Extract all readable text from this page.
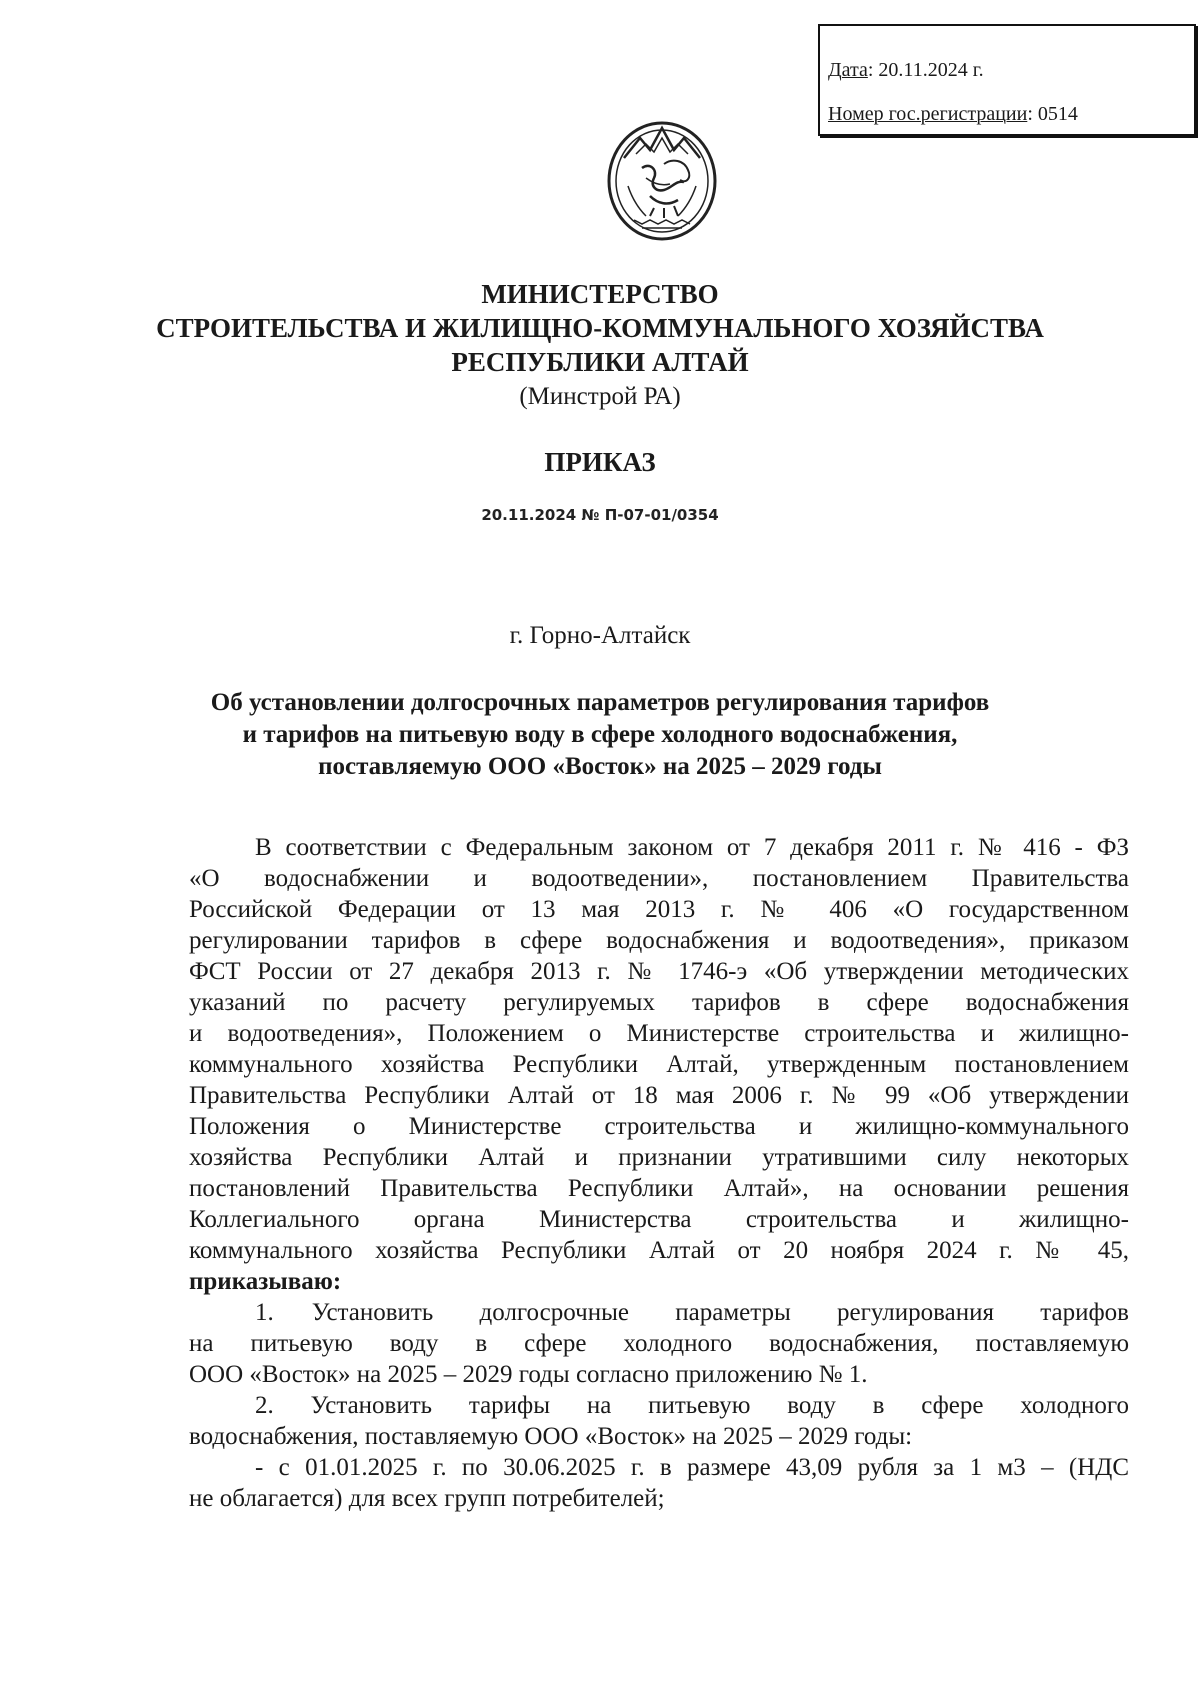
Дата: 20.11.2024 г.
Номер гос.регистрации: 0514
МИНИСТЕРСТВО
СТРОИТЕЛЬСТВА И ЖИЛИЩНО-КОММУНАЛЬНОГО ХОЗЯЙСТВА
РЕСПУБЛИКИ АЛТАЙ
(Минстрой РА)
ПРИКАЗ
20.11.2024 № П-07-01/0354
г. Горно-Алтайск
Об установлении долгосрочных параметров регулирования тарифов
и тарифов на питьевую воду в сфере холодного водоснабжения,
поставляемую ООО «Восток» на 2025 – 2029 годы
В соответствии с Федеральным законом от 7 декабря 2011 г. № 416 - ФЗ
«О водоснабжении и водоотведении», постановлением Правительства
Российской Федерации от 13 мая 2013 г. № 406 «О государственном
регулировании тарифов в сфере водоснабжения и водоотведения», приказом
ФСТ России от 27 декабря 2013 г. № 1746-э «Об утверждении методических
указаний по расчету регулируемых тарифов в сфере водоснабжения
и водоотведения», Положением о Министерстве строительства и жилищно-
коммунального хозяйства Республики Алтай, утвержденным постановлением
Правительства Республики Алтай от 18 мая 2006 г. № 99 «Об утверждении
Положения о Министерстве строительства и жилищно-коммунального
хозяйства Республики Алтай и признании утратившими силу некоторых
постановлений Правительства Республики Алтай», на основании решения
Коллегиального органа Министерства строительства и жилищно-
коммунального хозяйства Республики Алтай от 20 ноября 2024 г. № 45,
приказываю:
1. Установить долгосрочные параметры регулирования тарифов
на питьевую воду в сфере холодного водоснабжения, поставляемую
ООО «Восток» на 2025 – 2029 годы согласно приложению № 1.
2. Установить тарифы на питьевую воду в сфере холодного
водоснабжения, поставляемую ООО «Восток» на 2025 – 2029 годы:
- с 01.01.2025 г. по 30.06.2025 г. в размере 43,09 рубля за 1 м3 – (НДС
не облагается) для всех групп потребителей;
